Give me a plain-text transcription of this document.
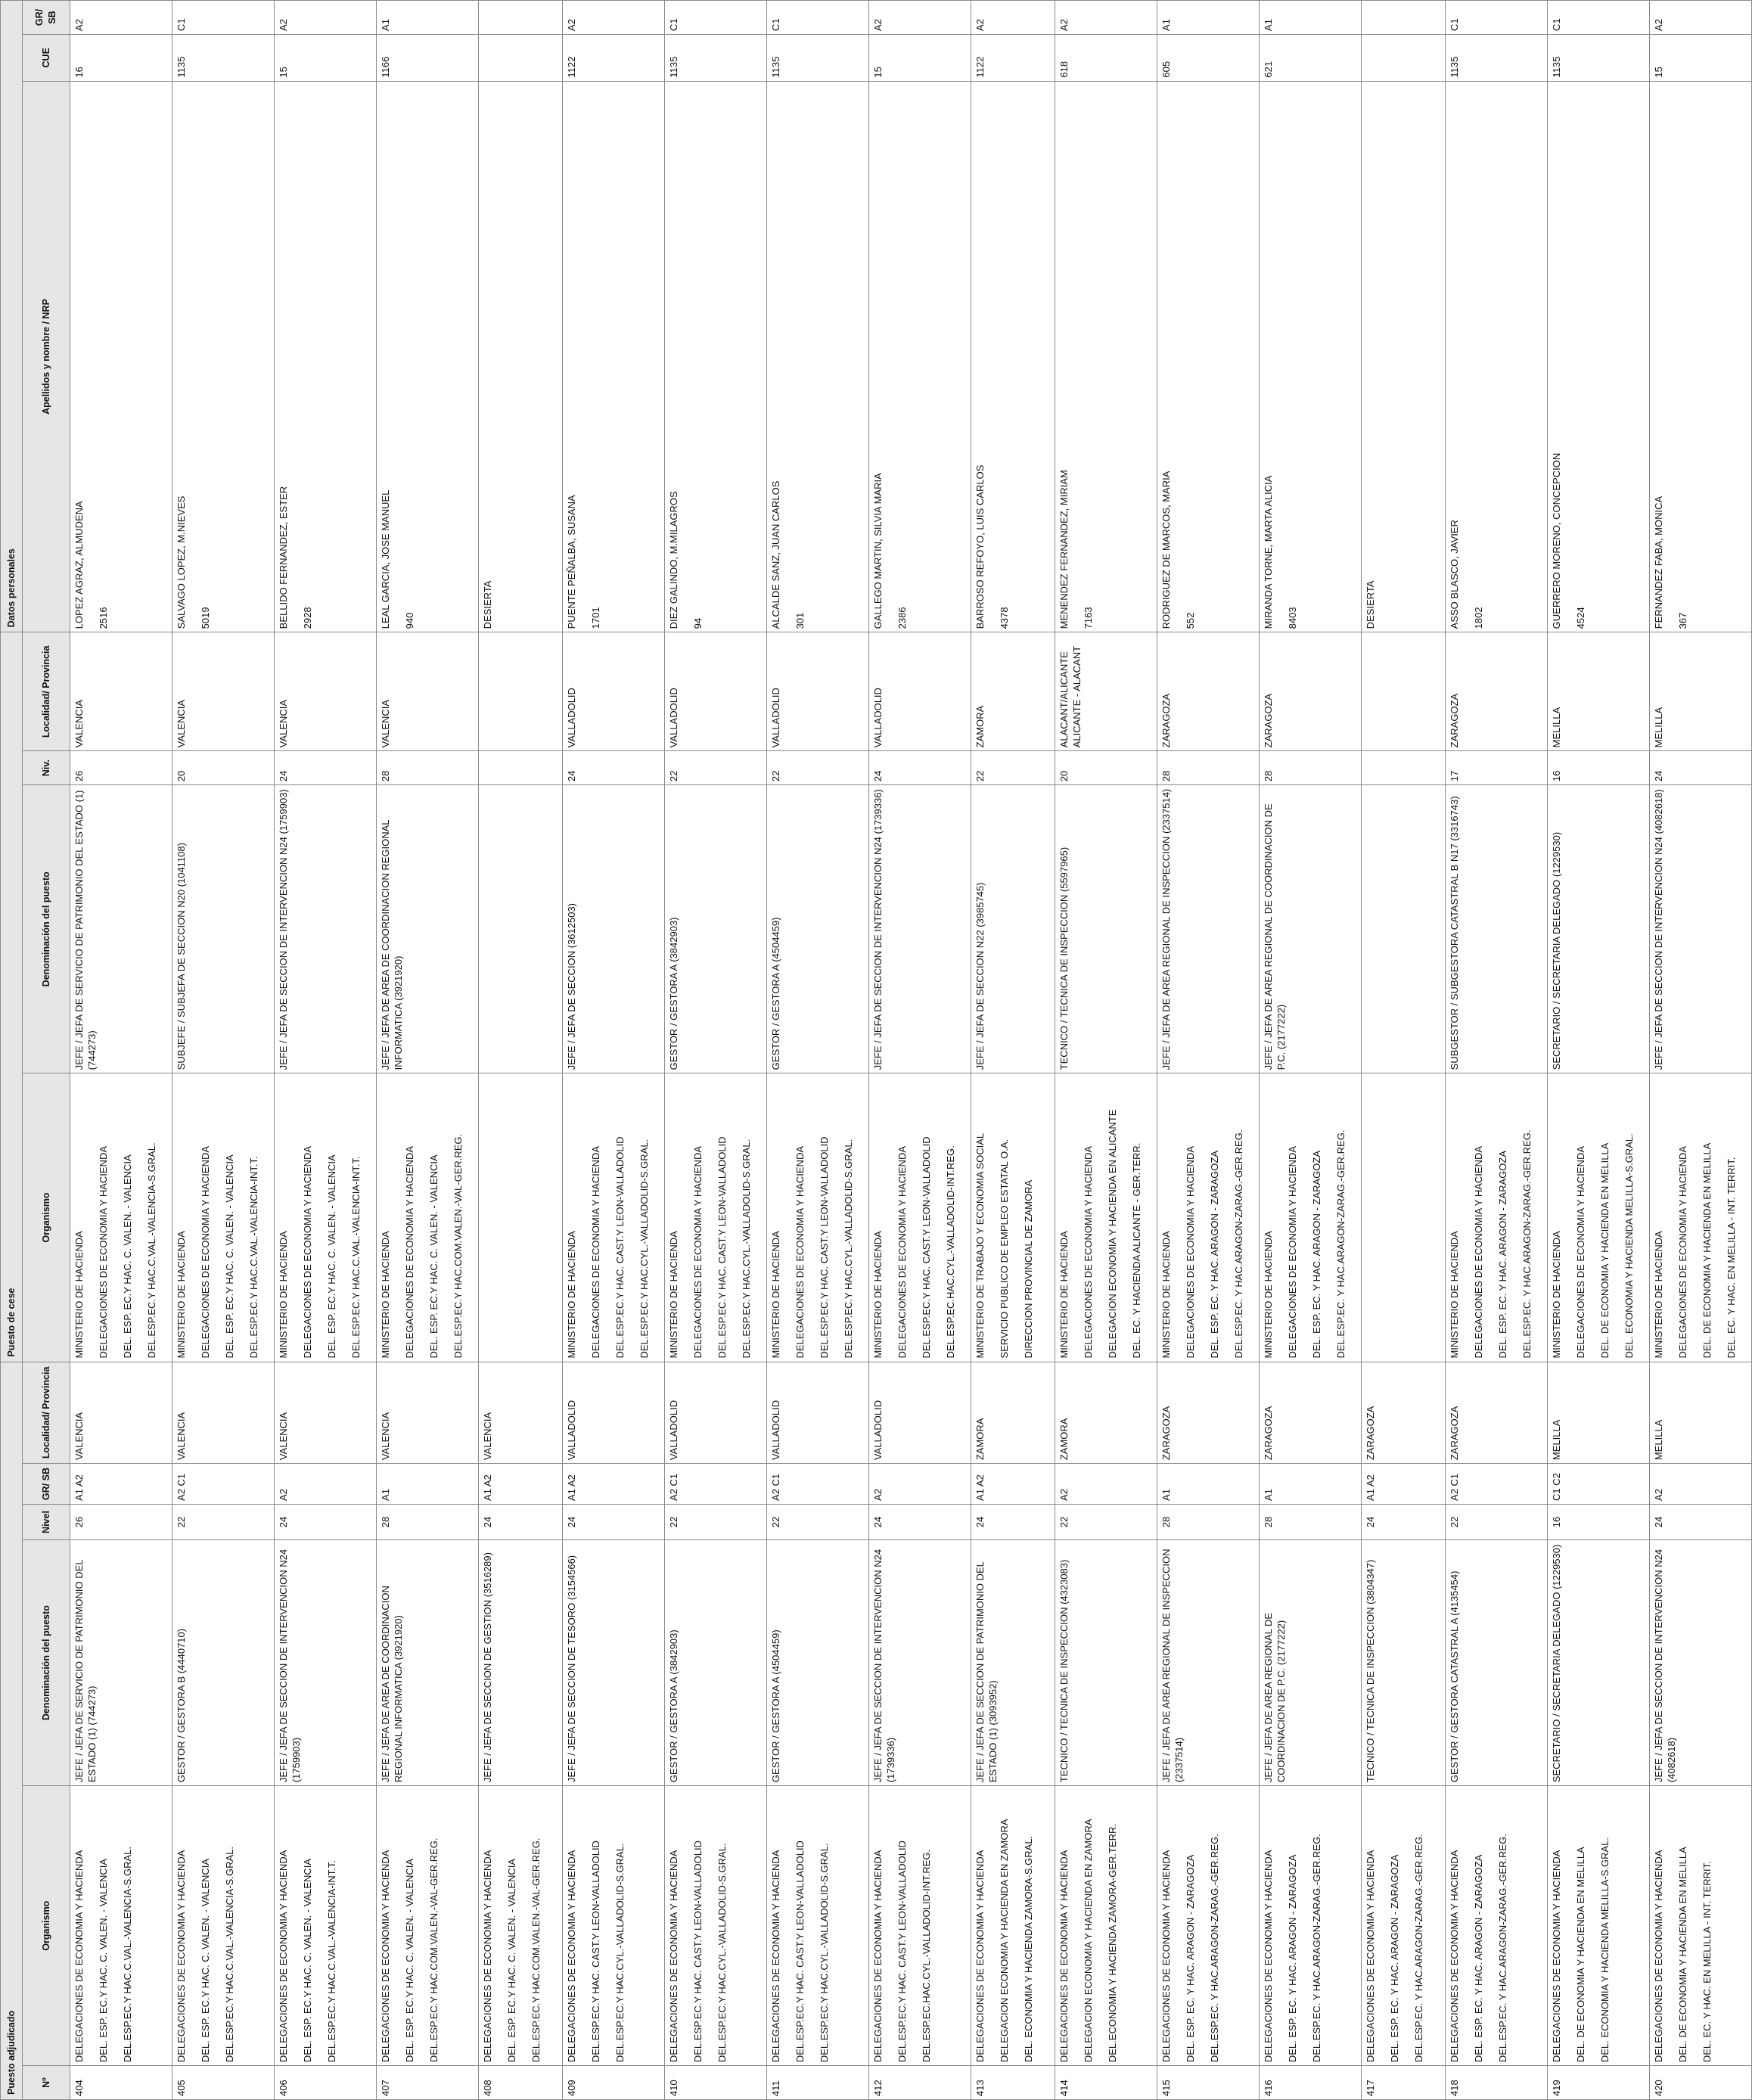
Puesto adjudicado						Puesto de cese				Datos personales		
Nº	Organismo	Denominación del puesto	Nivel	GR/ SB	Localidad/ Provincia	Organismo	Denominación del puesto	Niv.	Localidad/ Provincia	Apellidos y nombre / NRP	CUE	GR/ SB
404	DELEGACIONES DE ECONOMIA Y HACIENDA DEL. ESP. EC.Y HAC. C. VALEN. - VALENCIA DEL.ESP.EC.Y HAC.C.VAL.-VALENCIA-S.GRAL.	JEFE / JEFA DE SERVICIO DE PATRIMONIO DEL ESTADO (1) (744273)	26	A1 A2	VALENCIA	MINISTERIO DE HACIENDA DELEGACIONES DE ECONOMIA Y HACIENDA DEL. ESP. EC.Y HAC. C. VALEN. - VALENCIA DEL.ESP.EC.Y HAC.C.VAL.-VALENCIA-S.GRAL.	JEFE / JEFA DE SERVICIO DE PATRIMONIO DEL ESTADO (1) (744273)	26	VALENCIA	LOPEZ AGRAZ, ALMUDENA 2516	16	A2
405	DELEGACIONES DE ECONOMIA Y HACIENDA DEL. ESP. EC.Y HAC. C. VALEN. - VALENCIA DEL.ESP.EC.Y HAC.C.VAL.-VALENCIA-S.GRAL.	GESTOR / GESTORA B (4440710)	22	A2 C1	VALENCIA	MINISTERIO DE HACIENDA DELEGACIONES DE ECONOMIA Y HACIENDA DEL. ESP. EC.Y HAC. C. VALEN. - VALENCIA DEL.ESP.EC.Y HAC.C.VAL.-VALENCIA-INT.T.	SUBJEFE / SUBJEFA DE SECCION N20 (1041108)	20	VALENCIA	SALVAGO LOPEZ, M.NIEVES 5019	1135	C1
406	DELEGACIONES DE ECONOMIA Y HACIENDA DEL. ESP. EC.Y HAC. C. VALEN. - VALENCIA DEL.ESP.EC.Y HAC.C.VAL.-VALENCIA-INT.T.	JEFE / JEFA DE SECCION DE INTERVENCION N24 (1759903)	24	A2	VALENCIA	MINISTERIO DE HACIENDA DELEGACIONES DE ECONOMIA Y HACIENDA DEL. ESP. EC.Y HAC. C. VALEN. - VALENCIA DEL.ESP.EC.Y HAC.C.VAL.-VALENCIA-INT.T.	JEFE / JEFA DE SECCION DE INTERVENCION N24 (1759903)	24	VALENCIA	BELLIDO FERNANDEZ, ESTER 2928	15	A2
407	DELEGACIONES DE ECONOMIA Y HACIENDA DEL. ESP. EC.Y HAC. C. VALEN. - VALENCIA DEL.ESP.EC.Y HAC.COM.VALEN.-VAL-GER.REG.	JEFE / JEFA DE AREA DE COORDINACION REGIONAL INFORMATICA (3921920)	28	A1	VALENCIA	MINISTERIO DE HACIENDA DELEGACIONES DE ECONOMIA Y HACIENDA DEL. ESP. EC.Y HAC. C. VALEN. - VALENCIA DEL.ESP.EC.Y HAC.COM.VALEN.-VAL-GER.REG.	JEFE / JEFA DE AREA DE COORDINACION REGIONAL INFORMATICA (3921920)	28	VALENCIA	LEAL GARCIA, JOSE MANUEL 940	1166	A1
408	DELEGACIONES DE ECONOMIA Y HACIENDA DEL. ESP. EC.Y HAC. C. VALEN. - VALENCIA DEL.ESP.EC.Y HAC.COM.VALEN.-VAL-GER.REG.	JEFE / JEFA DE SECCION DE GESTION (3516289)	24	A1 A2	VALENCIA					DESIERTA		

409	DELEGACIONES DE ECONOMIA Y HACIENDA DEL.ESP.EC.Y HAC. CAST.Y LEON-VALLADOLID DEL.ESP.EC.Y HAC.CYL.-VALLADOLID-S.GRAL.	JEFE / JEFA DE SECCION DE TESORO (3154566)	24	A1 A2	VALLADOLID	MINISTERIO DE HACIENDA DELEGACIONES DE ECONOMIA Y HACIENDA DEL.ESP.EC.Y HAC. CAST.Y LEON-VALLADOLID DEL.ESP.EC.Y HAC.CYL.-VALLADOLID-S.GRAL.	JEFE / JEFA DE SECCION (3612503)	24	VALLADOLID	PUENTE PEÑALBA, SUSANA 1701	1122	A2
410	DELEGACIONES DE ECONOMIA Y HACIENDA DEL.ESP.EC.Y HAC. CAST.Y LEON-VALLADOLID DEL.ESP.EC.Y HAC.CYL.-VALLADOLID-S.GRAL.	GESTOR / GESTORA A (3842903)	22	A2 C1	VALLADOLID	MINISTERIO DE HACIENDA DELEGACIONES DE ECONOMIA Y HACIENDA DEL.ESP.EC.Y HAC. CAST.Y LEON-VALLADOLID DEL.ESP.EC.Y HAC.CYL.-VALLADOLID-S.GRAL.	GESTOR / GESTORA A (3842903)	22	VALLADOLID	DIEZ GALINDO, M.MILAGROS 94	1135	C1
411	DELEGACIONES DE ECONOMIA Y HACIENDA DEL.ESP.EC.Y HAC. CAST.Y LEON-VALLADOLID DEL.ESP.EC.Y HAC.CYL.-VALLADOLID-S.GRAL.	GESTOR / GESTORA A (4504459)	22	A2 C1	VALLADOLID	MINISTERIO DE HACIENDA DELEGACIONES DE ECONOMIA Y HACIENDA DEL.ESP.EC.Y HAC. CAST.Y LEON-VALLADOLID DEL.ESP.EC.Y HAC.CYL.-VALLADOLID-S.GRAL.	GESTOR / GESTORA A (4504459)	22	VALLADOLID	ALCALDE SANZ, JUAN CARLOS 301	1135	C1
412	DELEGACIONES DE ECONOMIA Y HACIENDA DEL.ESP.EC.Y HAC. CAST.Y LEON-VALLADOLID DEL.ESP.EC.HAC.CYL.-VALLADOLID-INT.REG.	JEFE / JEFA DE SECCION DE INTERVENCION N24 (1739336)	24	A2	VALLADOLID	MINISTERIO DE HACIENDA DELEGACIONES DE ECONOMIA Y HACIENDA DEL.ESP.EC.Y HAC. CAST.Y LEON-VALLADOLID DEL.ESP.EC.HAC.CYL.-VALLADOLID-INT.REG.	JEFE / JEFA DE SECCION DE INTERVENCION N24 (1739336)	24	VALLADOLID	GALLEGO MARTIN, SILVIA MARIA 2386	15	A2
413	DELEGACIONES DE ECONOMIA Y HACIENDA DELEGACION ECONOMIA Y HACIENDA EN ZAMORA DEL. ECONOMIA Y HACIENDA ZAMORA-S.GRAL.	JEFE / JEFA DE SECCION DE PATRIMONIO DEL ESTADO (1) (3093952)	24	A1 A2	ZAMORA	MINISTERIO DE TRABAJO Y ECONOMIA SOCIAL SERVICIO PUBLICO DE EMPLEO ESTATAL O.A. DIRECCION PROVINCIAL DE ZAMORA	JEFE / JEFA DE SECCION N22 (3985745)	22	ZAMORA	BARROSO REFOYO, LUIS CARLOS 4378	1122	A2
414	DELEGACIONES DE ECONOMIA Y HACIENDA DELEGACION ECONOMIA Y HACIENDA EN ZAMORA DEL.ECONOMIA Y HACIENDA ZAMORA-GER.TERR.	TECNICO / TECNICA DE INSPECCION (4323083)	22	A2	ZAMORA	MINISTERIO DE HACIENDA DELEGACIONES DE ECONOMIA Y HACIENDA DELEGACION ECONOMIA Y HACIENDA EN ALICANTE DEL. EC. Y HACIENDA ALICANTE - GER.TERR.	TECNICO / TECNICA DE INSPECCION (5597965)	20	ALACANT/ALICANTE ALICANTE - ALACANT	MENENDEZ FERNANDEZ, MIRIAM 7163	618	A2
415	DELEGACIONES DE ECONOMIA Y HACIENDA DEL. ESP. EC. Y HAC. ARAGON - ZARAGOZA DEL.ESP.EC. Y HAC.ARAGON-ZARAG.-GER.REG.	JEFE / JEFA DE AREA REGIONAL DE INSPECCION (2337514)	28	A1	ZARAGOZA	MINISTERIO DE HACIENDA DELEGACIONES DE ECONOMIA Y HACIENDA DEL. ESP. EC. Y HAC. ARAGON - ZARAGOZA DEL.ESP.EC. Y HAC.ARAGON-ZARAG.-GER.REG.	JEFE / JEFA DE AREA REGIONAL DE INSPECCION (2337514)	28	ZARAGOZA	RODRIGUEZ DE MARCOS, MARIA 552	605	A1
416	DELEGACIONES DE ECONOMIA Y HACIENDA DEL. ESP. EC. Y HAC. ARAGON - ZARAGOZA DEL.ESP.EC. Y HAC.ARAGON-ZARAG.-GER.REG.	JEFE / JEFA DE AREA REGIONAL DE COORDINACION DE P.C. (2177222)	28	A1	ZARAGOZA	MINISTERIO DE HACIENDA DELEGACIONES DE ECONOMIA Y HACIENDA DEL. ESP. EC. Y HAC. ARAGON - ZARAGOZA DEL.ESP.EC. Y HAC.ARAGON-ZARAG.-GER.REG.	JEFE / JEFA DE AREA REGIONAL DE COORDINACION DE P.C. (2177222)	28	ZARAGOZA	MIRANDA TORNE, MARTA ALICIA 8403	621	A1
417	DELEGACIONES DE ECONOMIA Y HACIENDA DEL. ESP. EC. Y HAC. ARAGON - ZARAGOZA DEL.ESP.EC. Y HAC.ARAGON-ZARAG.-GER.REG.	TECNICO / TECNICA DE INSPECCION (3804347)	24	A1 A2	ZARAGOZA					DESIERTA		

418	DELEGACIONES DE ECONOMIA Y HACIENDA DEL. ESP. EC. Y HAC. ARAGON - ZARAGOZA DEL.ESP.EC. Y HAC.ARAGON-ZARAG.-GER.REG.	GESTOR / GESTORA CATASTRAL A (4135454)	22	A2 C1	ZARAGOZA	MINISTERIO DE HACIENDA DELEGACIONES DE ECONOMIA Y HACIENDA DEL. ESP. EC. Y HAC. ARAGON - ZARAGOZA DEL.ESP.EC. Y HAC.ARAGON-ZARAG.-GER.REG.	SUBGESTOR / SUBGESTORA CATASTRAL B N17 (3316743)	17	ZARAGOZA	ASSO BLASCO, JAVIER 1802	1135	C1
419	DELEGACIONES DE ECONOMIA Y HACIENDA DEL. DE ECONOMIA Y HACIENDA EN MELILLA DEL. ECONOMIA Y HACIENDA MELILLA-S.GRAL.	SECRETARIO / SECRETARIA DELEGADO (1229530)	16	C1 C2	MELILLA	MINISTERIO DE HACIENDA DELEGACIONES DE ECONOMIA Y HACIENDA DEL. DE ECONOMIA Y HACIENDA EN MELILLA DEL. ECONOMIA Y HACIENDA MELILLA-S.GRAL.	SECRETARIO / SECRETARIA DELEGADO (1229530)	16	MELILLA	GUERRERO MORENO, CONCEPCION 4524	1135	C1
420	DELEGACIONES DE ECONOMIA Y HACIENDA DEL. DE ECONOMIA Y HACIENDA EN MELILLA DEL. EC. Y HAC. EN MELILLA - INT. TERRIT.	JEFE / JEFA DE SECCION DE INTERVENCION N24 (4082618)	24	A2	MELILLA	MINISTERIO DE HACIENDA DELEGACIONES DE ECONOMIA Y HACIENDA DEL. DE ECONOMIA Y HACIENDA EN MELILLA DEL. EC. Y HAC. EN MELILLA - INT. TERRIT.	JEFE / JEFA DE SECCION DE INTERVENCION N24 (4082618)	24	MELILLA	FERNANDEZ FABA, MONICA 367	15	A2
